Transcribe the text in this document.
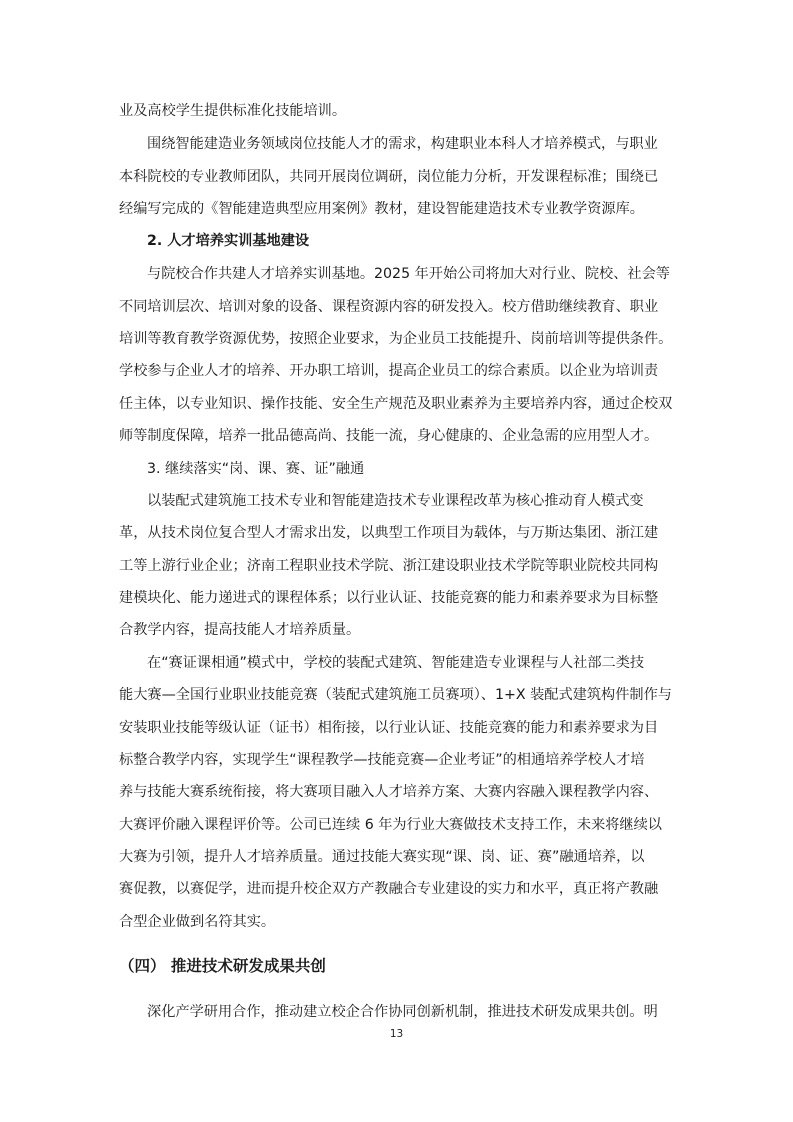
业及高校学生提供标准化技能培训。
围绕智能建造业务领域岗位技能人才的需求，构建职业本科人才培养模式，与职业
本科院校的专业教师团队，共同开展岗位调研，岗位能力分析，开发课程标准；围绕已
经编写完成的《智能建造典型应用案例》教材，建设智能建造技术专业教学资源库。
2. 人才培养实训基地建设
与院校合作共建人才培养实训基地。2025 年开始公司将加大对行业、院校、社会等
不同培训层次、培训对象的设备、课程资源内容的研发投入。校方借助继续教育、职业
培训等教育教学资源优势，按照企业要求，为企业员工技能提升、岗前培训等提供条件。
学校参与企业人才的培养、开办职工培训，提高企业员工的综合素质。以企业为培训责
任主体，以专业知识、操作技能、安全生产规范及职业素养为主要培养内容，通过企校双
师等制度保障，培养一批品德高尚、技能一流，身心健康的、企业急需的应用型人才。
3. 继续落实“岗、课、赛、证”融通
以装配式建筑施工技术专业和智能建造技术专业课程改革为核心推动育人模式变
革，从技术岗位复合型人才需求出发，以典型工作项目为载体，与万斯达集团、浙江建
工等上游行业企业；济南工程职业技术学院、浙江建设职业技术学院等职业院校共同构
建模块化、能力递进式的课程体系；以行业认证、技能竞赛的能力和素养要求为目标整
合教学内容，提高技能人才培养质量。
在“赛证课相通”模式中，学校的装配式建筑、智能建造专业课程与人社部二类技
能大赛—全国行业职业技能竞赛（装配式建筑施工员赛项）、1+X 装配式建筑构件制作与
安装职业技能等级认证（证书）相衔接，以行业认证、技能竞赛的能力和素养要求为目
标整合教学内容，实现学生“课程教学—技能竞赛—企业考证”的相通培养学校人才培
养与技能大赛系统衔接，将大赛项目融入人才培养方案、大赛内容融入课程教学内容、
大赛评价融入课程评价等。公司已连续 6 年为行业大赛做技术支持工作，未来将继续以
大赛为引领，提升人才培养质量。通过技能大赛实现“课、岗、证、赛”融通培养，以
赛促教，以赛促学，进而提升校企双方产教融合专业建设的实力和水平，真正将产教融
合型企业做到名符其实。
（四） 推进技术研发成果共创
深化产学研用合作，推动建立校企合作协同创新机制，推进技术研发成果共创。明
13
